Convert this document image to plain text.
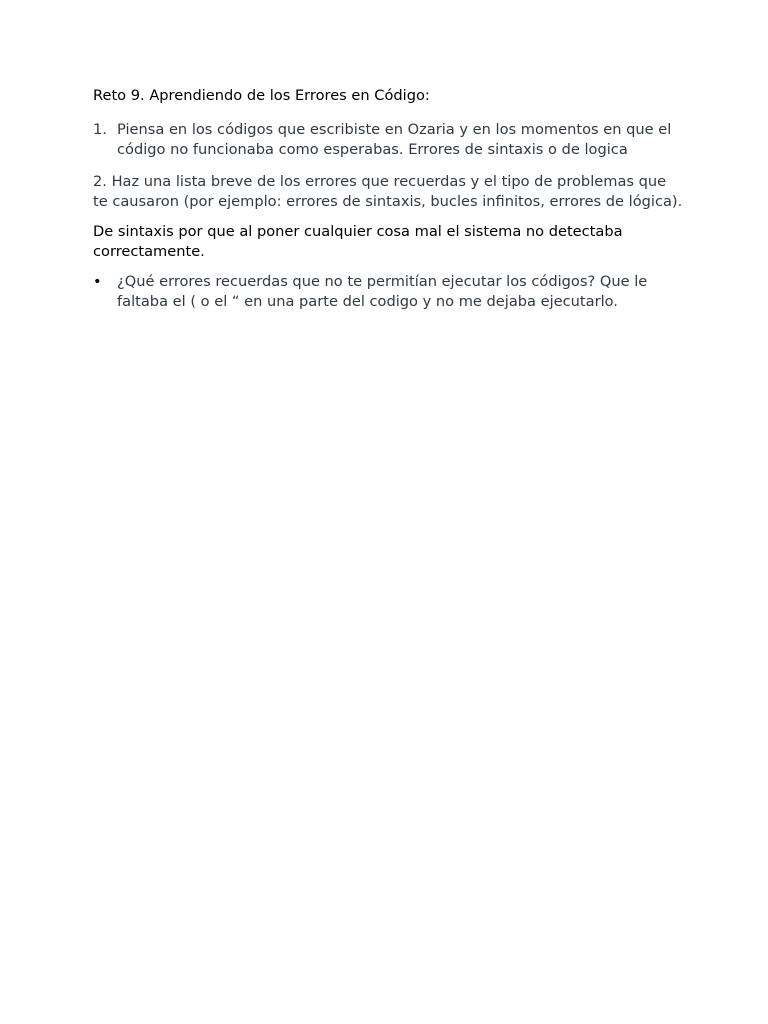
Reto 9. Aprendiendo de los Errores en Código:
1. Piensa en los códigos que escribiste en Ozaria y en los momentos en que el código no funcionaba como esperabas. Errores de sintaxis o de logica

2. Haz una lista breve de los errores que recuerdas y el tipo de problemas que te causaron (por ejemplo: errores de sintaxis, bucles infinitos, errores de lógica).

De sintaxis por que al poner cualquier cosa mal el sistema no detectaba correctamente.

•	¿Qué errores recuerdas que no te permitían ejecutar los códigos? Que le faltaba el ( o el “ en una parte del codigo y no me dejaba ejecutarlo.
